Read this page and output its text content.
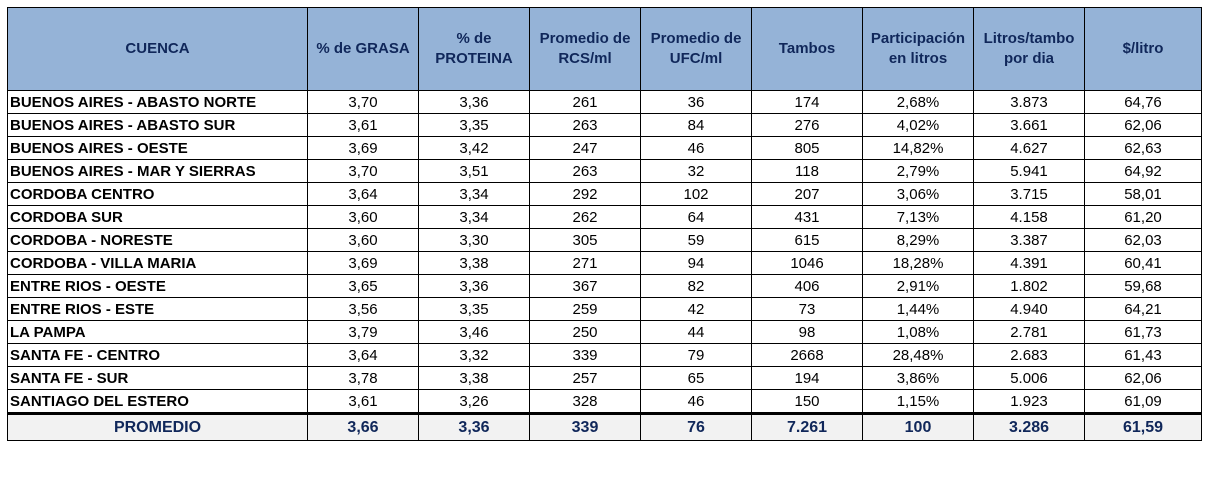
CUENCA	% de GRASA	% de PROTEINA	Promedio de RCS/ml	Promedio de UFC/ml	Tambos	Participación en litros	Litros/tambo por dia	$/litro
BUENOS AIRES - ABASTO NORTE	3,70	3,36	261	36	174	2,68%	3.873	64,76
BUENOS AIRES - ABASTO SUR	3,61	3,35	263	84	276	4,02%	3.661	62,06
BUENOS AIRES - OESTE	3,69	3,42	247	46	805	14,82%	4.627	62,63
BUENOS AIRES - MAR Y SIERRAS	3,70	3,51	263	32	118	2,79%	5.941	64,92
CORDOBA CENTRO	3,64	3,34	292	102	207	3,06%	3.715	58,01
CORDOBA SUR	3,60	3,34	262	64	431	7,13%	4.158	61,20
CORDOBA - NORESTE	3,60	3,30	305	59	615	8,29%	3.387	62,03
CORDOBA - VILLA MARIA	3,69	3,38	271	94	1046	18,28%	4.391	60,41
ENTRE RIOS - OESTE	3,65	3,36	367	82	406	2,91%	1.802	59,68
ENTRE RIOS - ESTE	3,56	3,35	259	42	73	1,44%	4.940	64,21
LA PAMPA	3,79	3,46	250	44	98	1,08%	2.781	61,73
SANTA FE - CENTRO	3,64	3,32	339	79	2668	28,48%	2.683	61,43
SANTA FE - SUR	3,78	3,38	257	65	194	3,86%	5.006	62,06
SANTIAGO DEL ESTERO	3,61	3,26	328	46	150	1,15%	1.923	61,09
PROMEDIO	3,66	3,36	339	76	7.261	100	3.286	61,59
